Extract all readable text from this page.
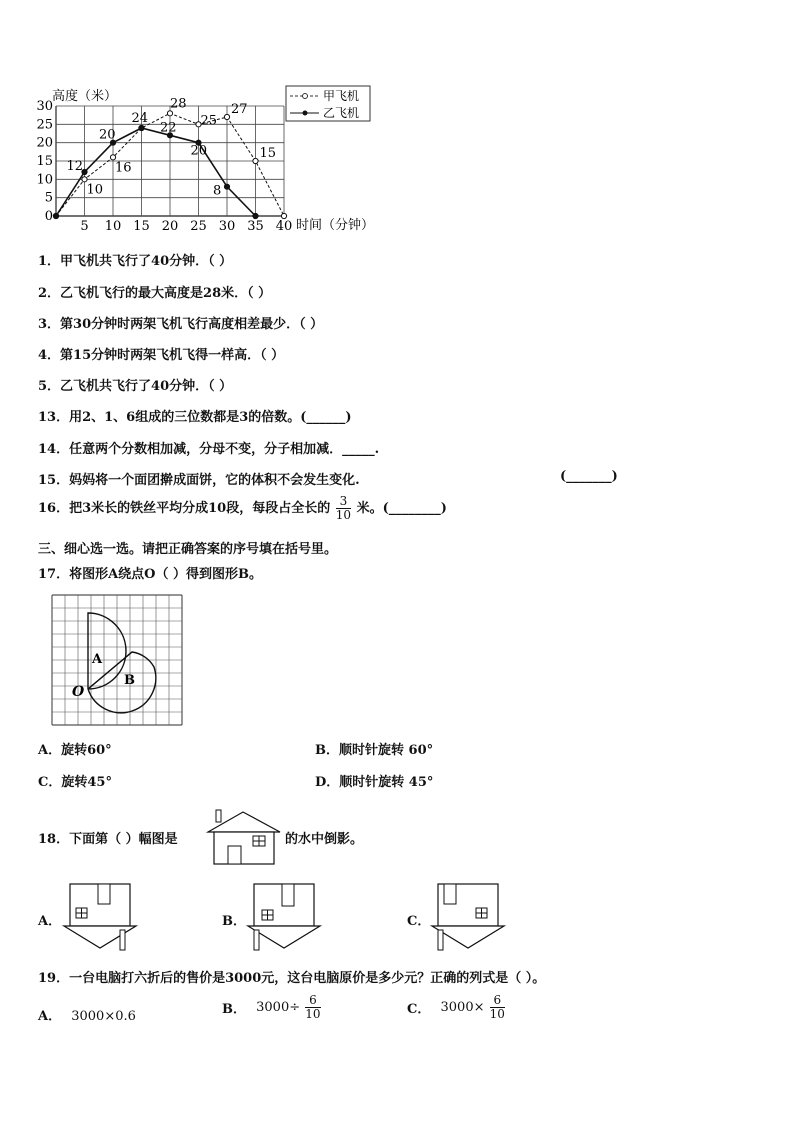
高度（米）
0
5
10
15
20
25
30
5 10 15 20 25 30 35 40 时间（分钟）
10
16
28
25
27
15
12
20
24
22
20
8
甲飞机
乙飞机
1．甲飞机共飞行了40分钟．（ ）
2．乙飞机飞行的最大高度是28米．（ ）
3．第30分钟时两架飞机飞行高度相差最少．（ ）
4．第15分钟时两架飞机飞得一样高．（ ）
5．乙飞机共飞行了40分钟．（ ）
13．用2、1、6组成的三位数都是3的倍数。(______)
14．任意两个分数相加减，分母不变，分子相加减．_____.
15．妈妈将一个面团擀成面饼，它的体积不会发生变化.	(_______)
16．把3米长的铁丝平均分成10段，每段占全长的 $\frac{3}{10}$ 米。(________)
三、细心选一选。请把正确答案的序号填在括号里。
17．将图形A绕点O（ ）得到图形B。
A
B
O
A．旋转60°	B．顺时针旋转 60°
C．旋转45°	D．顺时针旋转 45°
18．下面第（ ）幅图是	的水中倒影。
A．	B．	C．
19．一台电脑打六折后的售价是3000元，这台电脑原价是多少元？正确的列式是（ ）。
A． 3000×0.6	B． $3000\div \frac{6}{10}$	C． $3000\times \frac{6}{10}$
